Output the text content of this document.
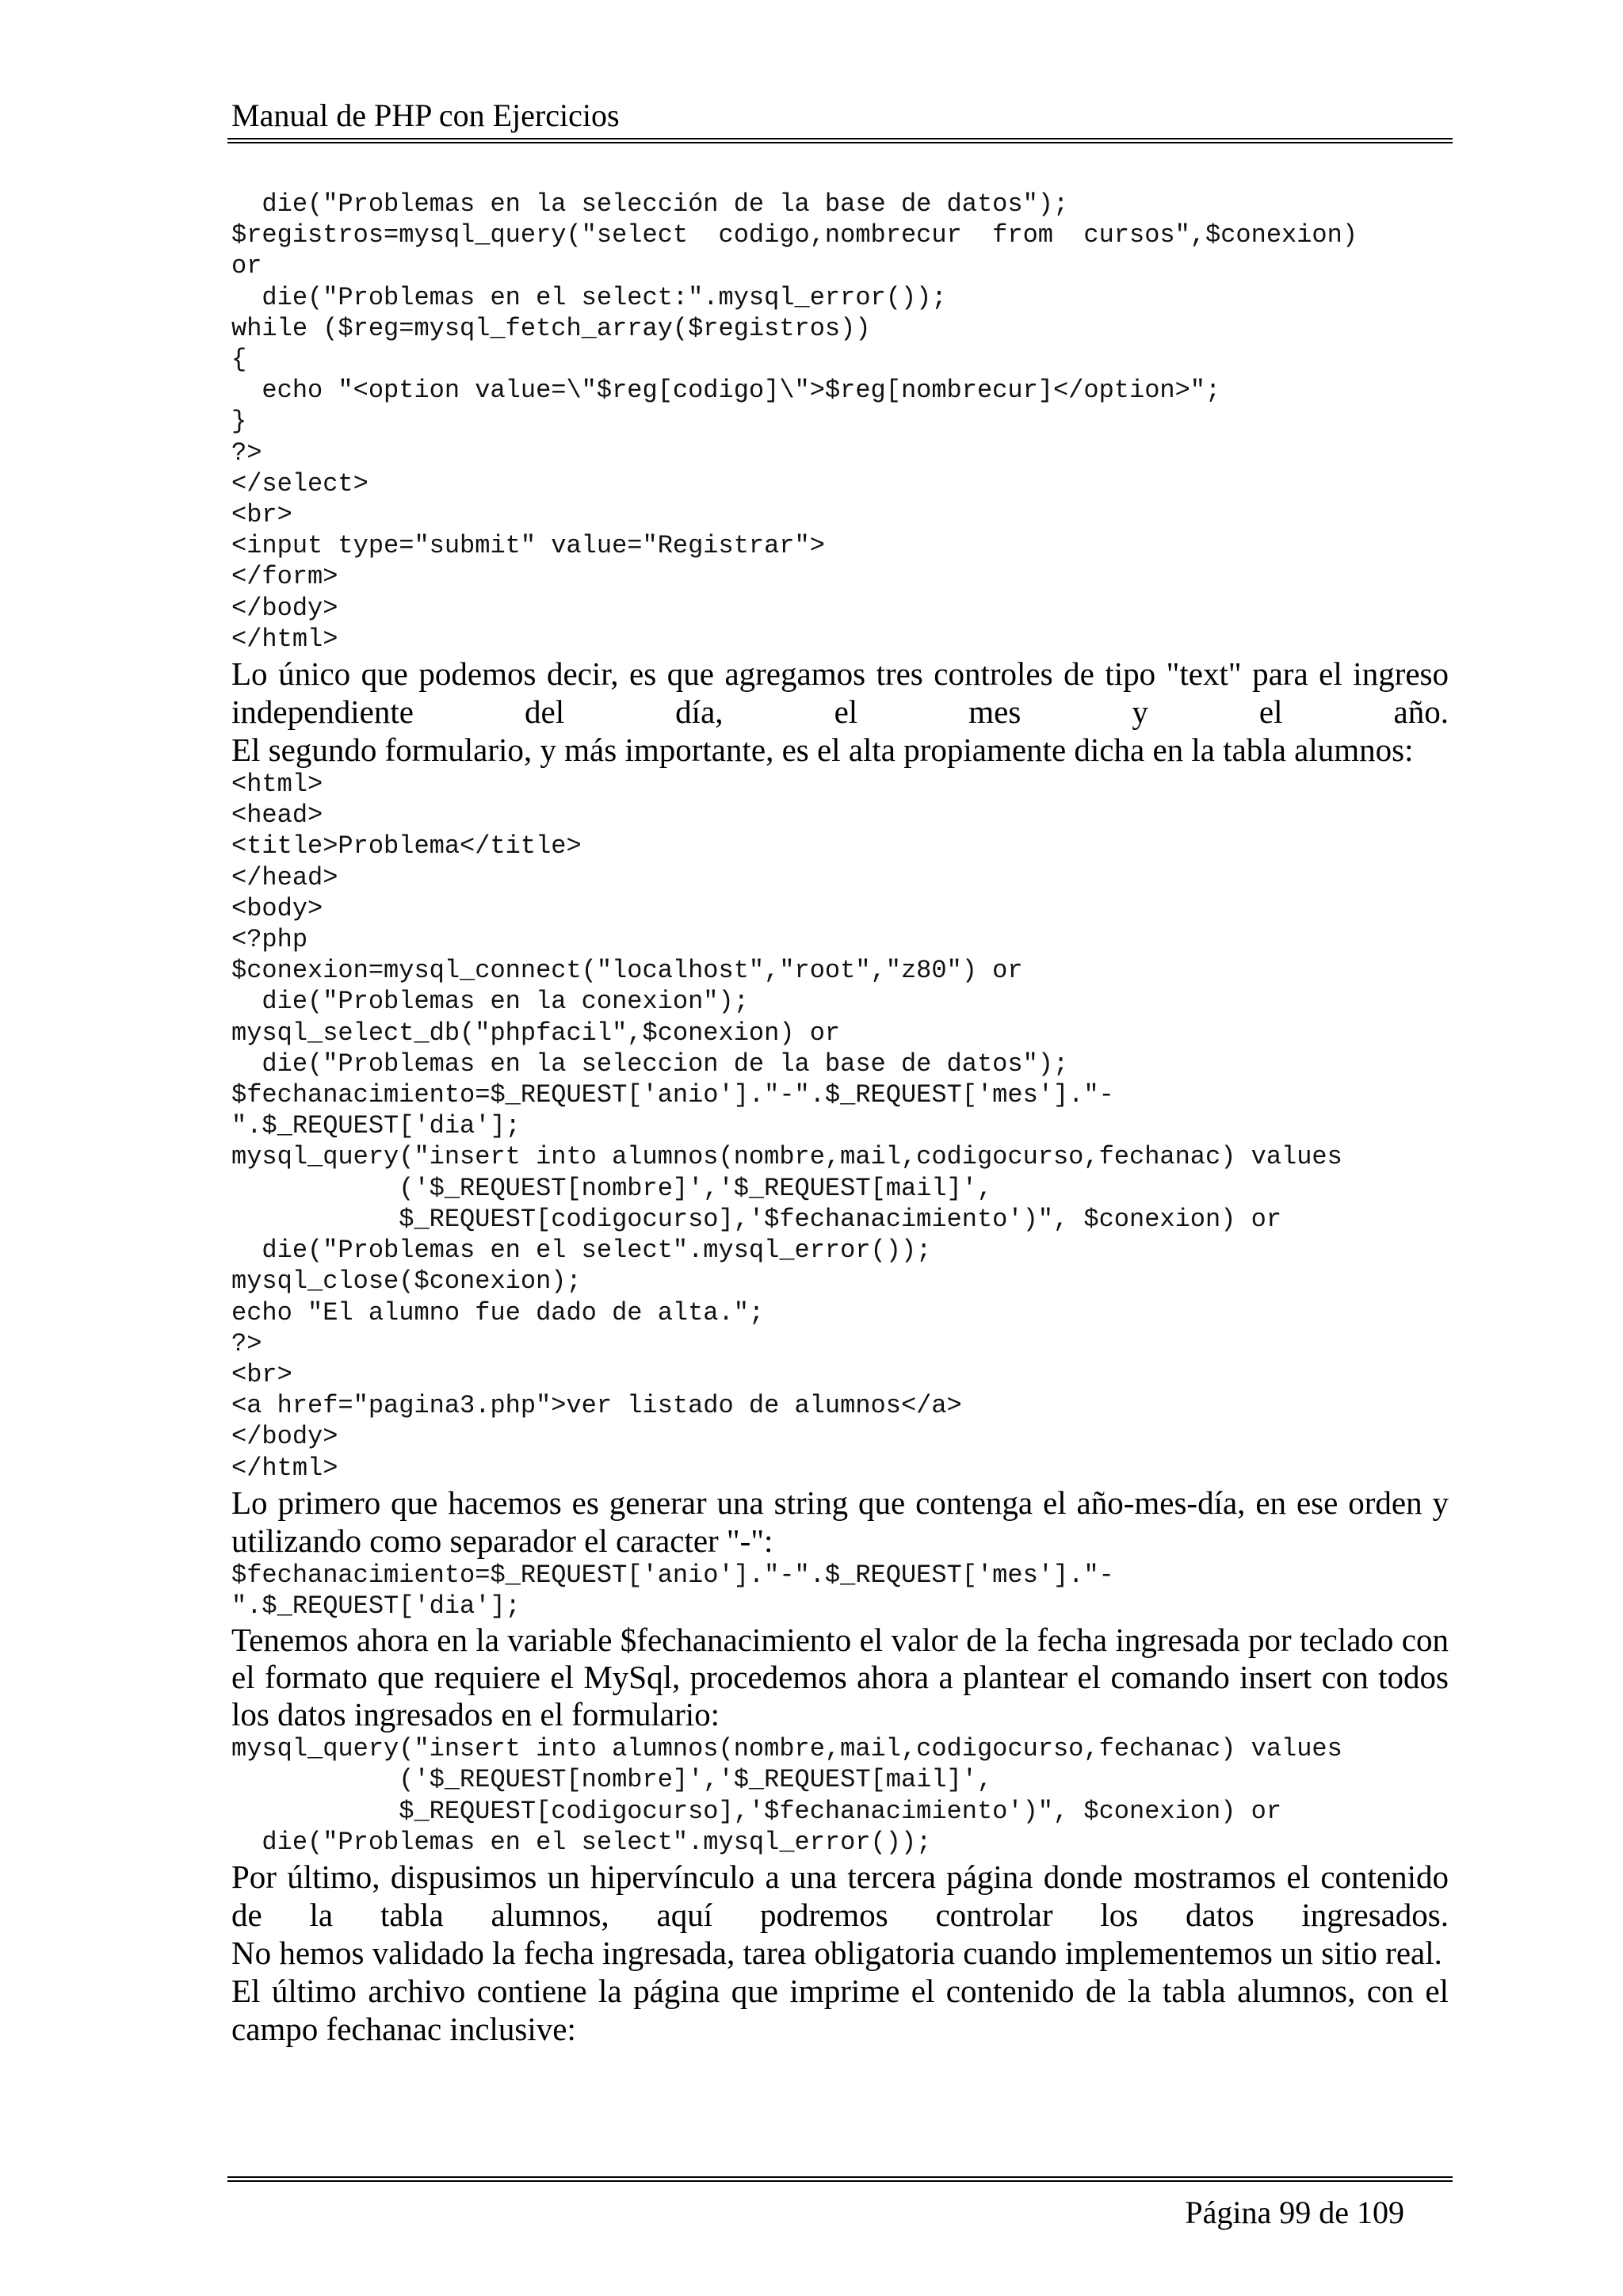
Manual de PHP con Ejercicios
die("Problemas en la selección de la base de datos");
$registros=mysql_query("select  codigo,nombrecur  from  cursos",$conexion)
or
die("Problemas en el select:".mysql_error());
while ($reg=mysql_fetch_array($registros))
{
echo "<option value=\"$reg[codigo]\">$reg[nombrecur]</option>";
}
?>
</select>
<br>
<input type="submit" value="Registrar">
</form>
</body>
</html>

Lo único que podemos decir, es que agregamos tres controles de tipo "text" para el ingreso independiente del día, el mes y el año.

El segundo formulario, y más importante, es el alta propiamente dicha en la tabla alumnos:

<html>
<head>
<title>Problema</title>
</head>
<body>
<?php
$conexion=mysql_connect("localhost","root","z80") or
die("Problemas en la conexion");
mysql_select_db("phpfacil",$conexion) or
die("Problemas en la seleccion de la base de datos");
$fechanacimiento=$_REQUEST['anio']."-".$_REQUEST['mes']."-
".$_REQUEST['dia'];
mysql_query("insert into alumnos(nombre,mail,codigocurso,fechanac) values
('$_REQUEST[nombre]','$_REQUEST[mail]',
$_REQUEST[codigocurso],'$fechanacimiento')", $conexion) or
die("Problemas en el select".mysql_error());
mysql_close($conexion);
echo "El alumno fue dado de alta.";
?>
<br>
<a href="pagina3.php">ver listado de alumnos</a>
</body>
</html>

Lo primero que hacemos es generar una string que contenga el año-mes-día, en ese orden y utilizando como separador el caracter "-":

$fechanacimiento=$_REQUEST['anio']."-".$_REQUEST['mes']."-
".$_REQUEST['dia'];

Tenemos ahora en la variable $fechanacimiento el valor de la fecha ingresada por teclado con el formato que requiere el MySql, procedemos ahora a plantear el comando insert con todos los datos ingresados en el formulario:

mysql_query("insert into alumnos(nombre,mail,codigocurso,fechanac) values
('$_REQUEST[nombre]','$_REQUEST[mail]',
$_REQUEST[codigocurso],'$fechanacimiento')", $conexion) or
die("Problemas en el select".mysql_error());

Por último, dispusimos un hipervínculo a una tercera página donde mostramos el contenido de la tabla alumnos, aquí podremos controlar los datos ingresados.

No hemos validado la fecha ingresada, tarea obligatoria cuando implementemos un sitio real.

El último archivo contiene la página que imprime el contenido de la tabla alumnos, con el campo fechanac inclusive:

Página 99 de 109
